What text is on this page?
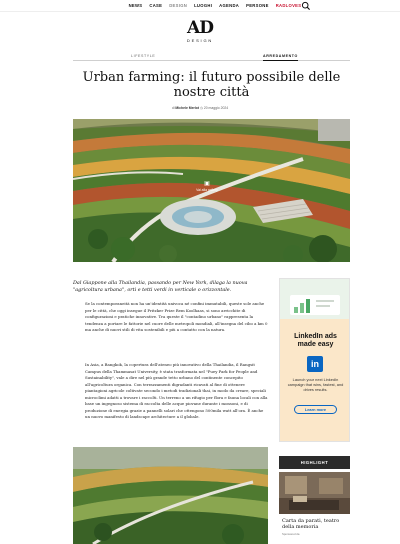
NEWS CASE DESIGN LUOGHI AGENDA PERSONE RADLOVES
AD
DESIGN
LIFESTYLE	ARREDAMENTO
Urban farming: il futuro possibile delle nostre città
di Michele Merlot ◷ 20 maggio 2024
▣
Vai alla gallery

Dal Giappone alla Thailandia, passando per New York, dilaga la nuova "agricoltura urbana", orti e tetti verdi in verticale o orizzontale.

Se la contemporaneità non ha un'identità univoca né confini immutabili, queste sole anche per le città, che oggi insegue il Pritzker Prize Rem Koolhaas, si sono arricchite di configurazioni e pratiche innovative. Tra queste il "contadino urbano" rappresenta la tendenza a portare le fattorie nel cuore delle metropoli mondiali, all'insegna del cibo a km 0 ma anche di nuovi stili di vita sostenibili e più a contatto con la natura.

In Asia, a Bangkok, la copertura dell'ateneo più innovativo della Thailandia, il Rangsit Campus della Thammasat University, è stata trasformata nel "Puey Park for People and Sustainability", vale a dire nel più grande tetto urbano del continente concepito all'agricoltura organica. Con terrazzamenti digradanti ricavati al fine di ottenere piantagioni agricole coltivate secondo i metodi tradizionali thai, in modo da creare, speciali microclimi adatti a trovare i raccolti. Un terreno a un rifugio per flora e fauna locali con alla base un ingegnoso sistema di raccolta delle acque piovane durante i monsoni, e di produzione di energia grazie a pannelli solari che ottengono 500mila watt all'ora. È anche un nuovo manifesto di landscape architecture a il globale.

LinkedIn ads made easy
in
Launch your next LinkedIn campaign that wins, fastest, and drives results.
Learn more
HIGHLIGHT
Carta da parati, teatro della memoria
Sponsored da
